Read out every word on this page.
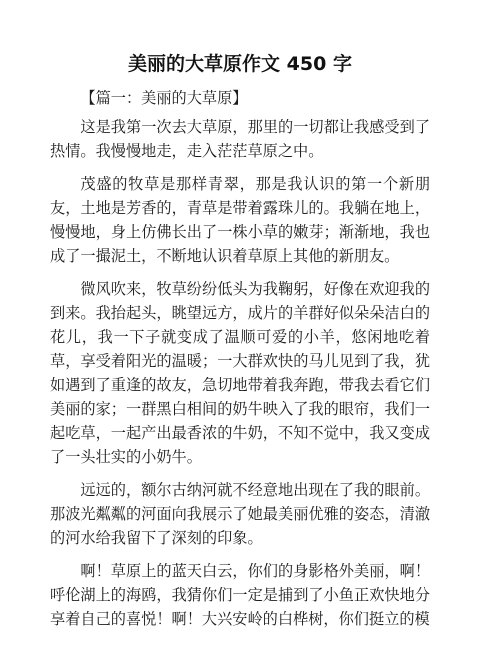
美丽的大草原作文 450 字

【篇一：美丽的大草原】

这是我第一次去大草原，那里的一切都让我感受到了热情。我慢慢地走，走入茫茫草原之中。

茂盛的牧草是那样青翠，那是我认识的第一个新朋友，土地是芳香的，青草是带着露珠儿的。我躺在地上，慢慢地，身上仿佛长出了一株小草的嫩芽；渐渐地，我也成了一撮泥土，不断地认识着草原上其他的新朋友。

微风吹来，牧草纷纷低头为我鞠躬，好像在欢迎我的到来。我抬起头，眺望远方，成片的羊群好似朵朵洁白的花儿，我一下子就变成了温顺可爱的小羊，悠闲地吃着草，享受着阳光的温暖；一大群欢快的马儿见到了我，犹如遇到了重逢的故友，急切地带着我奔跑，带我去看它们美丽的家；一群黑白相间的奶牛映入了我的眼帘，我们一起吃草，一起产出最香浓的牛奶，不知不觉中，我又变成了一头壮实的小奶牛。

远远的，额尔古纳河就不经意地出现在了我的眼前。那波光粼粼的河面向我展示了她最美丽优雅的姿态，清澈的河水给我留下了深刻的印象。

啊！草原上的蓝天白云，你们的身影格外美丽，啊！呼伦湖上的海鸥，我猜你们一定是捕到了小鱼正欢快地分享着自己的喜悦！啊！大兴安岭的白桦树，你们挺立的模
